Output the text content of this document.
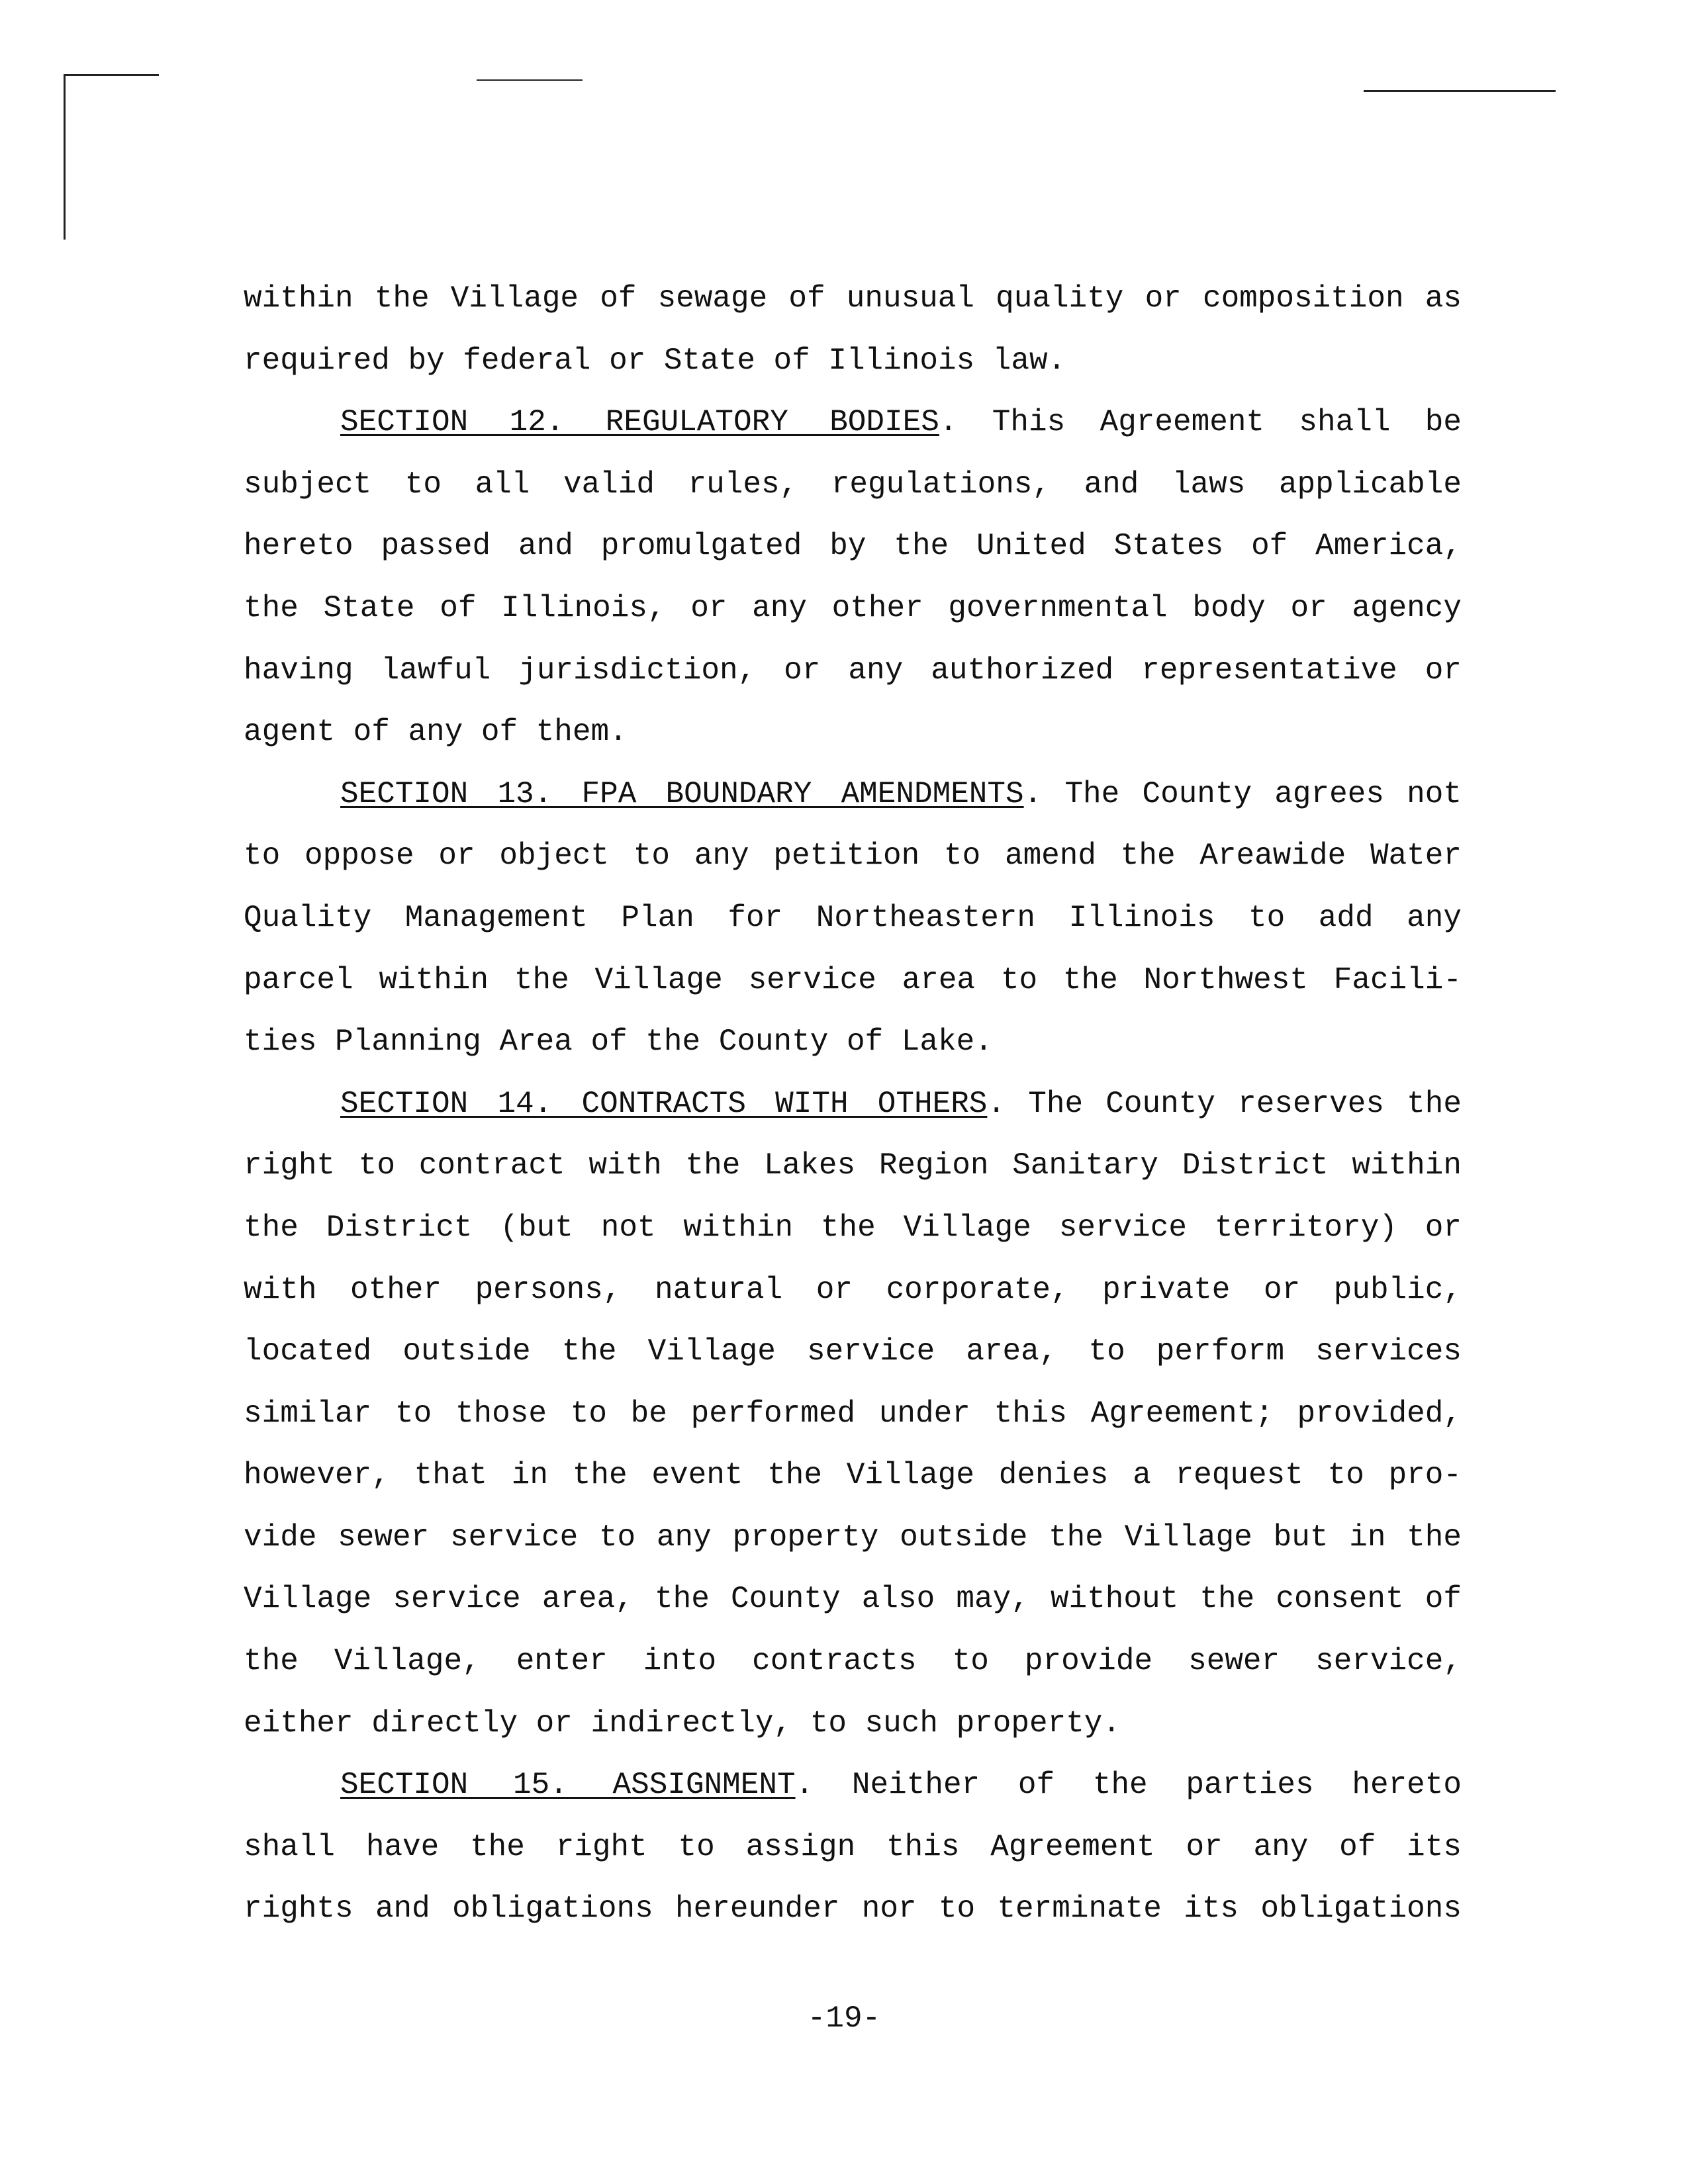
within the Village of sewage of unusual quality or composition as
required by federal or State of Illinois law.
SECTION 12. REGULATORY BODIES. This Agreement shall be
subject to all valid rules, regulations, and laws applicable
hereto passed and promulgated by the United States of America,
the State of Illinois, or any other governmental body or agency
having lawful jurisdiction, or any authorized representative or
agent of any of them.
SECTION 13. FPA BOUNDARY AMENDMENTS. The County agrees not
to oppose or object to any petition to amend the Areawide Water
Quality Management Plan for Northeastern Illinois to add any
parcel within the Village service area to the Northwest Facili-
ties Planning Area of the County of Lake.
SECTION 14. CONTRACTS WITH OTHERS. The County reserves the
right to contract with the Lakes Region Sanitary District within
the District (but not within the Village service territory) or
with other persons, natural or corporate, private or public,
located outside the Village service area, to perform services
similar to those to be performed under this Agreement; provided,
however, that in the event the Village denies a request to pro-
vide sewer service to any property outside the Village but in the
Village service area, the County also may, without the consent of
the Village, enter into contracts to provide sewer service,
either directly or indirectly, to such property.
SECTION 15. ASSIGNMENT. Neither of the parties hereto
shall have the right to assign this Agreement or any of its
rights and obligations hereunder nor to terminate its obligations
-19-
